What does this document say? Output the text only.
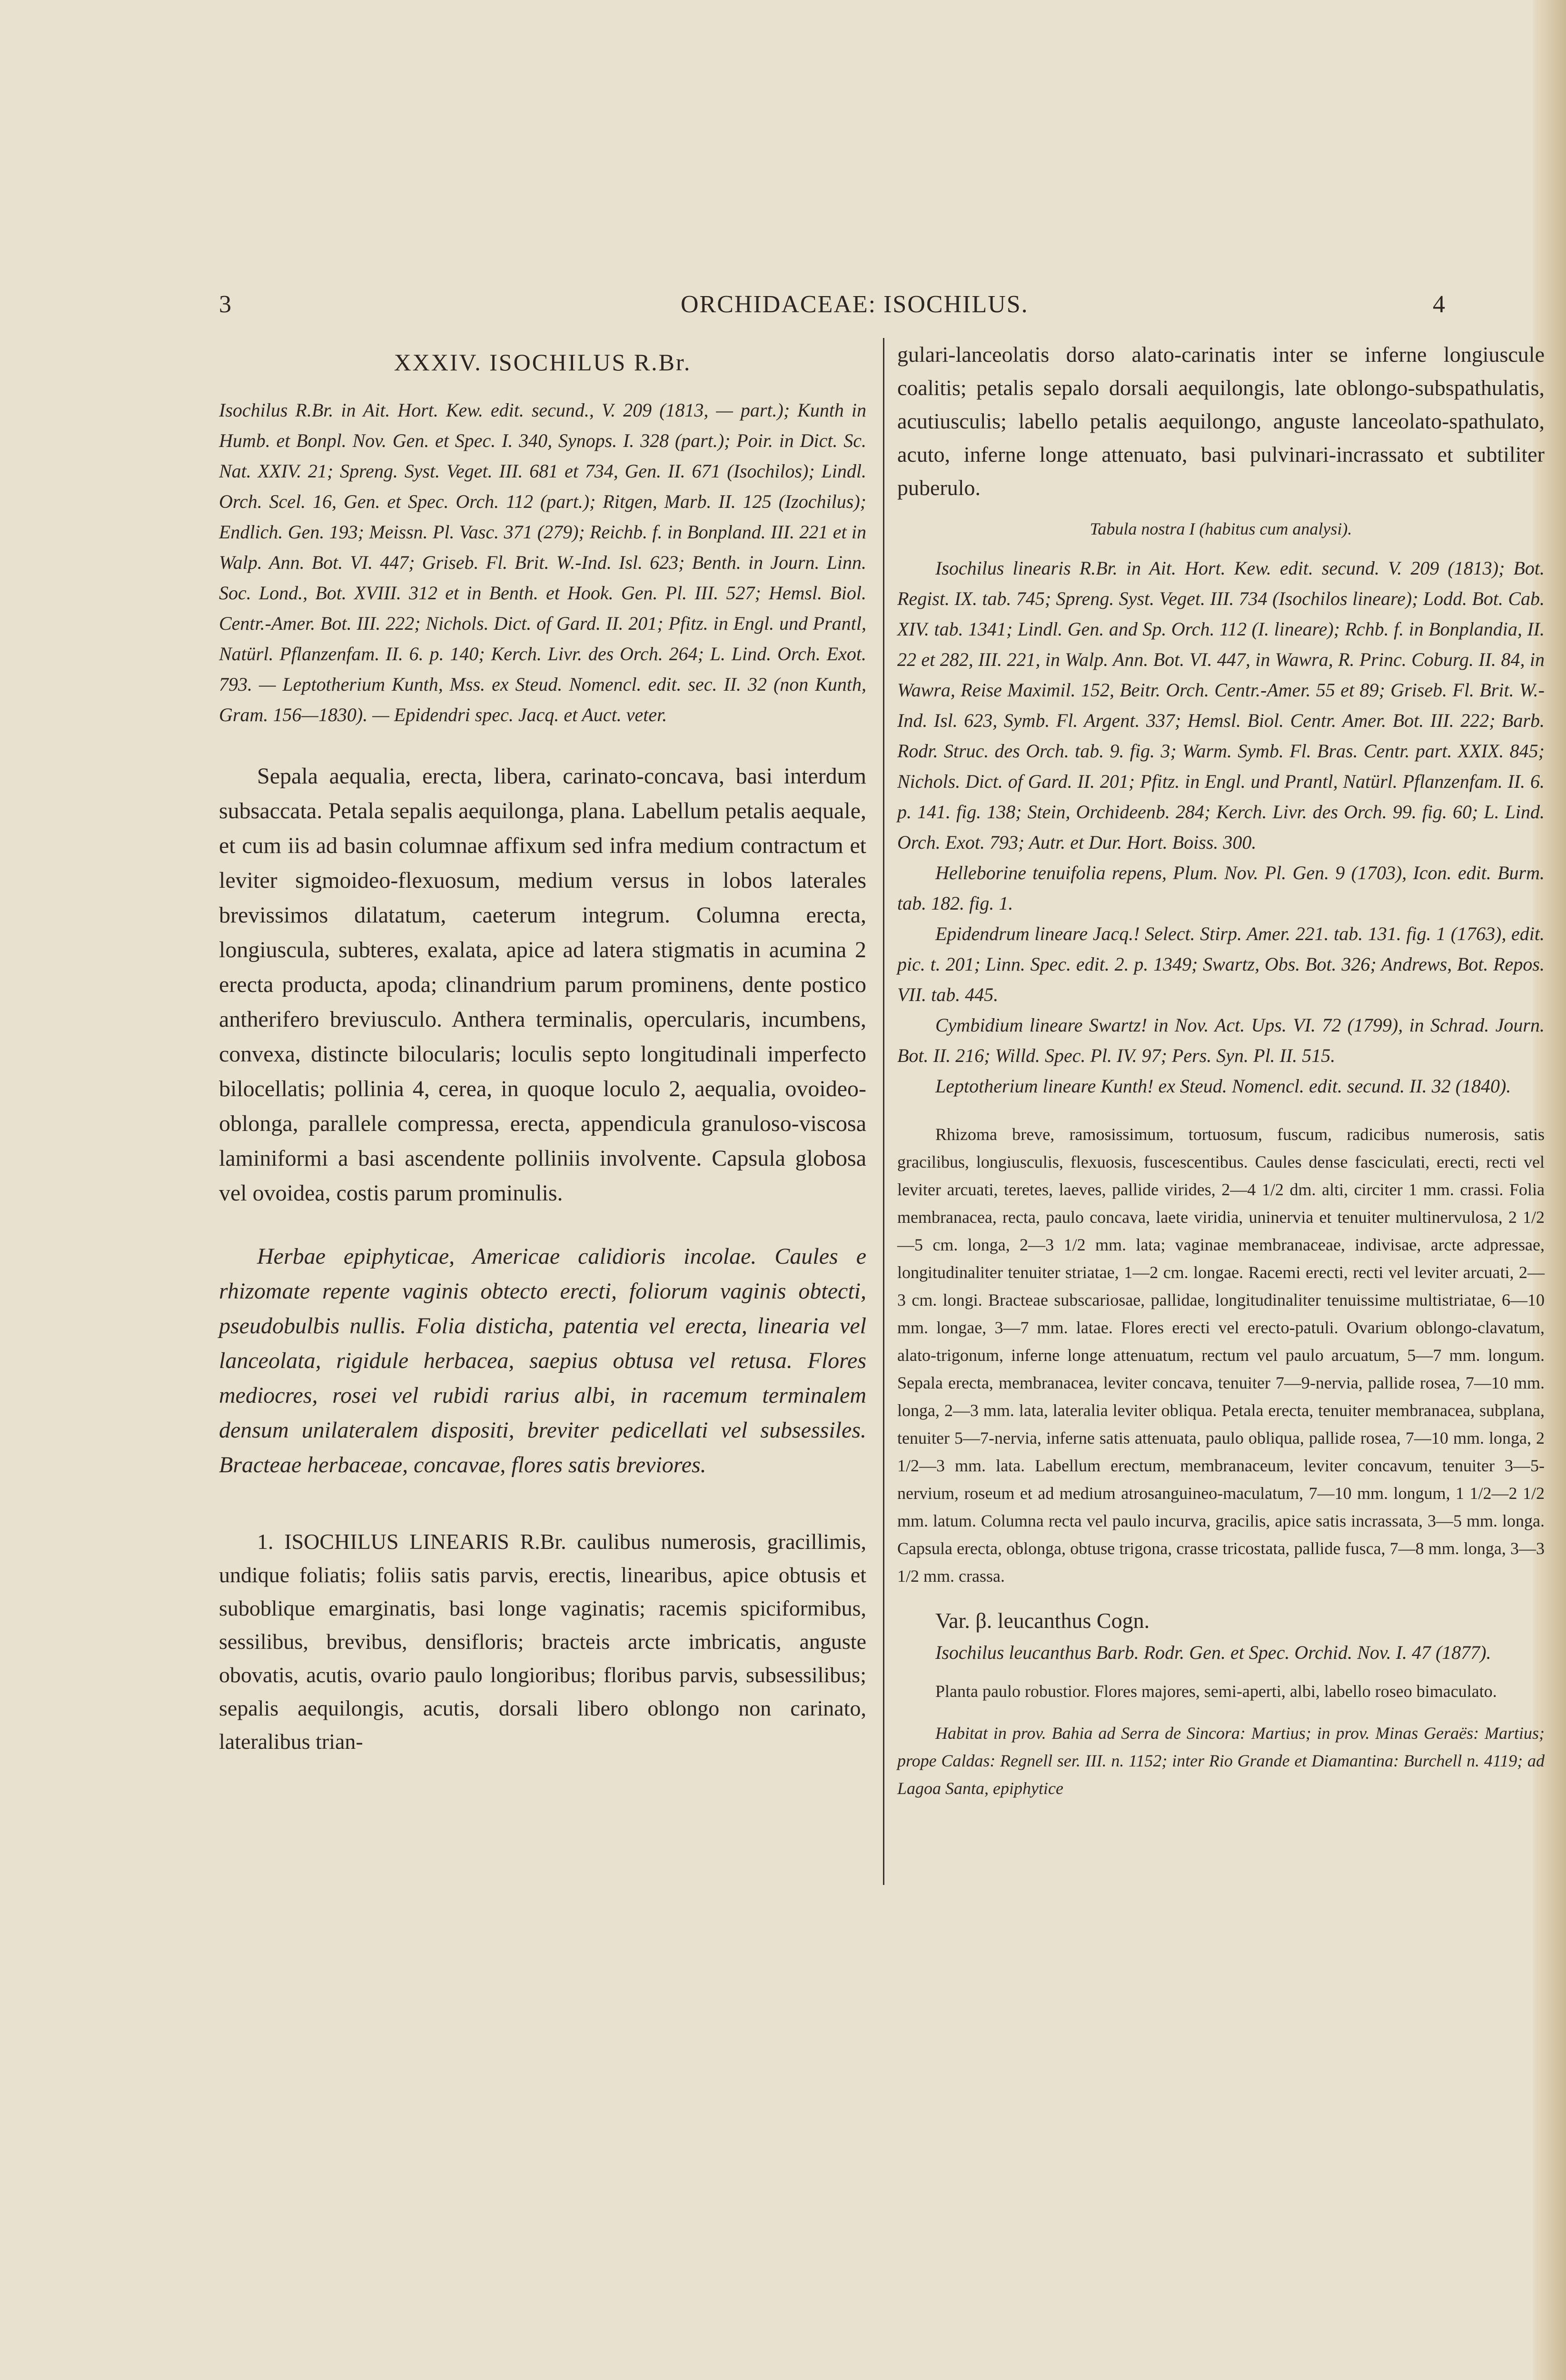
3	ORCHIDACEAE: ISOCHILUS.	4

XXXIV. ISOCHILUS R.Br.

Isochilus R.Br. in Ait. Hort. Kew. edit. secund., V. 209 (1813, — part.); Kunth in Humb. et Bonpl. Nov. Gen. et Spec. I. 340, Synops. I. 328 (part.); Poir. in Dict. Sc. Nat. XXIV. 21; Spreng. Syst. Veget. III. 681 et 734, Gen. II. 671 (Isochilos); Lindl. Orch. Scel. 16, Gen. et Spec. Orch. 112 (part.); Ritgen, Marb. II. 125 (Izochilus); Endlich. Gen. 193; Meissn. Pl. Vasc. 371 (279); Reichb. f. in Bonpland. III. 221 et in Walp. Ann. Bot. VI. 447; Griseb. Fl. Brit. W.-Ind. Isl. 623; Benth. in Journ. Linn. Soc. Lond., Bot. XVIII. 312 et in Benth. et Hook. Gen. Pl. III. 527; Hemsl. Biol. Centr.-Amer. Bot. III. 222; Nichols. Dict. of Gard. II. 201; Pfitz. in Engl. und Prantl, Natürl. Pflanzenfam. II. 6. p. 140; Kerch. Livr. des Orch. 264; L. Lind. Orch. Exot. 793. — Leptotherium Kunth, Mss. ex Steud. Nomencl. edit. sec. II. 32 (non Kunth, Gram. 156—1830). — Epidendri spec. Jacq. et Auct. veter.

Sepala aequalia, erecta, libera, carinato-concava, basi interdum subsaccata. Petala sepalis aequilonga, plana. Labellum petalis aequale, et cum iis ad basin columnae affixum sed infra medium contractum et leviter sigmoideo-flexuosum, medium versus in lobos laterales brevissimos dilatatum, caeterum integrum. Columna erecta, longiuscula, subteres, exalata, apice ad latera stigmatis in acumina 2 erecta producta, apoda; clinandrium parum prominens, dente postico antherifero breviusculo. Anthera terminalis, opercularis, incumbens, convexa, distincte bilocularis; loculis septo longitudinali imperfecto bilocellatis; pollinia 4, cerea, in quoque loculo 2, aequalia, ovoideo-oblonga, parallele compressa, erecta, appendicula granuloso-viscosa laminiformi a basi ascendente polliniis involvente. Capsula globosa vel ovoidea, costis parum prominulis.

Herbae epiphyticae, Americae calidioris incolae. Caules e rhizomate repente vaginis obtecto erecti, foliorum vaginis obtecti, pseudobulbis nullis. Folia disticha, patentia vel erecta, linearia vel lanceolata, rigidule herbacea, saepius obtusa vel retusa. Flores mediocres, rosei vel rubidi rarius albi, in racemum terminalem densum unilateralem dispositi, breviter pedicellati vel subsessiles. Bracteae herbaceae, concavae, flores satis breviores.

1. ISOCHILUS LINEARIS R.Br. caulibus numerosis, gracillimis, undique foliatis; foliis satis parvis, erectis, linearibus, apice obtusis et suboblique emarginatis, basi longe vaginatis; racemis spiciformibus, sessilibus, brevibus, densifloris; bracteis arcte imbricatis, anguste obovatis, acutis, ovario paulo longioribus; floribus parvis, subsessilibus; sepalis aequilongis, acutis, dorsali libero oblongo non carinato, lateralibus trian-

gulari-lanceolatis dorso alato-carinatis inter se inferne longiuscule coalitis; petalis sepalo dorsali aequilongis, late oblongo-subspathulatis, acutiusculis; labello petalis aequilongo, anguste lanceolato-spathulato, acuto, inferne longe attenuato, basi pulvinari-incrassato et subtiliter puberulo.

Tabula nostra I (habitus cum analysi).

Isochilus linearis R.Br. in Ait. Hort. Kew. edit. secund. V. 209 (1813); Bot. Regist. IX. tab. 745; Spreng. Syst. Veget. III. 734 (Isochilos lineare); Lodd. Bot. Cab. XIV. tab. 1341; Lindl. Gen. and Sp. Orch. 112 (I. lineare); Rchb. f. in Bonplandia, II. 22 et 282, III. 221, in Walp. Ann. Bot. VI. 447, in Wawra, R. Princ. Coburg. II. 84, in Wawra, Reise Maximil. 152, Beitr. Orch. Centr.-Amer. 55 et 89; Griseb. Fl. Brit. W.-Ind. Isl. 623, Symb. Fl. Argent. 337; Hemsl. Biol. Centr. Amer. Bot. III. 222; Barb. Rodr. Struc. des Orch. tab. 9. fig. 3; Warm. Symb. Fl. Bras. Centr. part. XXIX. 845; Nichols. Dict. of Gard. II. 201; Pfitz. in Engl. und Prantl, Natürl. Pflanzenfam. II. 6. p. 141. fig. 138; Stein, Orchideenb. 284; Kerch. Livr. des Orch. 99. fig. 60; L. Lind. Orch. Exot. 793; Autr. et Dur. Hort. Boiss. 300.

Helleborine tenuifolia repens, Plum. Nov. Pl. Gen. 9 (1703), Icon. edit. Burm. tab. 182. fig. 1.

Epidendrum lineare Jacq.! Select. Stirp. Amer. 221. tab. 131. fig. 1 (1763), edit. pic. t. 201; Linn. Spec. edit. 2. p. 1349; Swartz, Obs. Bot. 326; Andrews, Bot. Repos. VII. tab. 445.

Cymbidium lineare Swartz! in Nov. Act. Ups. VI. 72 (1799), in Schrad. Journ. Bot. II. 216; Willd. Spec. Pl. IV. 97; Pers. Syn. Pl. II. 515.

Leptotherium lineare Kunth! ex Steud. Nomencl. edit. secund. II. 32 (1840).

Rhizoma breve, ramosissimum, tortuosum, fuscum, radicibus numerosis, satis gracilibus, longiusculis, flexuosis, fuscescentibus. Caules dense fasciculati, erecti, recti vel leviter arcuati, teretes, laeves, pallide virides, 2—4 1/2 dm. alti, circiter 1 mm. crassi. Folia membranacea, recta, paulo concava, laete viridia, uninervia et tenuiter multinervulosa, 2 1/2—5 cm. longa, 2—3 1/2 mm. lata; vaginae membranaceae, indivisae, arcte adpressae, longitudinaliter tenuiter striatae, 1—2 cm. longae. Racemi erecti, recti vel leviter arcuati, 2—3 cm. longi. Bracteae subscariosae, pallidae, longitudinaliter tenuissime multistriatae, 6—10 mm. longae, 3—7 mm. latae. Flores erecti vel erecto-patuli. Ovarium oblongo-clavatum, alato-trigonum, inferne longe attenuatum, rectum vel paulo arcuatum, 5—7 mm. longum. Sepala erecta, membranacea, leviter concava, tenuiter 7—9-nervia, pallide rosea, 7—10 mm. longa, 2—3 mm. lata, lateralia leviter obliqua. Petala erecta, tenuiter membranacea, subplana, tenuiter 5—7-nervia, inferne satis attenuata, paulo obliqua, pallide rosea, 7—10 mm. longa, 2 1/2—3 mm. lata. Labellum erectum, membranaceum, leviter concavum, tenuiter 3—5-nervium, roseum et ad medium atrosanguineo-maculatum, 7—10 mm. longum, 1 1/2—2 1/2 mm. latum. Columna recta vel paulo incurva, gracilis, apice satis incrassata, 3—5 mm. longa. Capsula erecta, oblonga, obtuse trigona, crasse tricostata, pallide fusca, 7—8 mm. longa, 3—3 1/2 mm. crassa.

Var. β. leucanthus Cogn.

Isochilus leucanthus Barb. Rodr. Gen. et Spec. Orchid. Nov. I. 47 (1877).

Planta paulo robustior. Flores majores, semi-aperti, albi, labello roseo bimaculato.

Habitat in prov. Bahia ad Serra de Sincora: Martius; in prov. Minas Geraës: Martius; prope Caldas: Regnell ser. III. n. 1152; inter Rio Grande et Diamantina: Burchell n. 4119; ad Lagoa Santa, epiphytice
